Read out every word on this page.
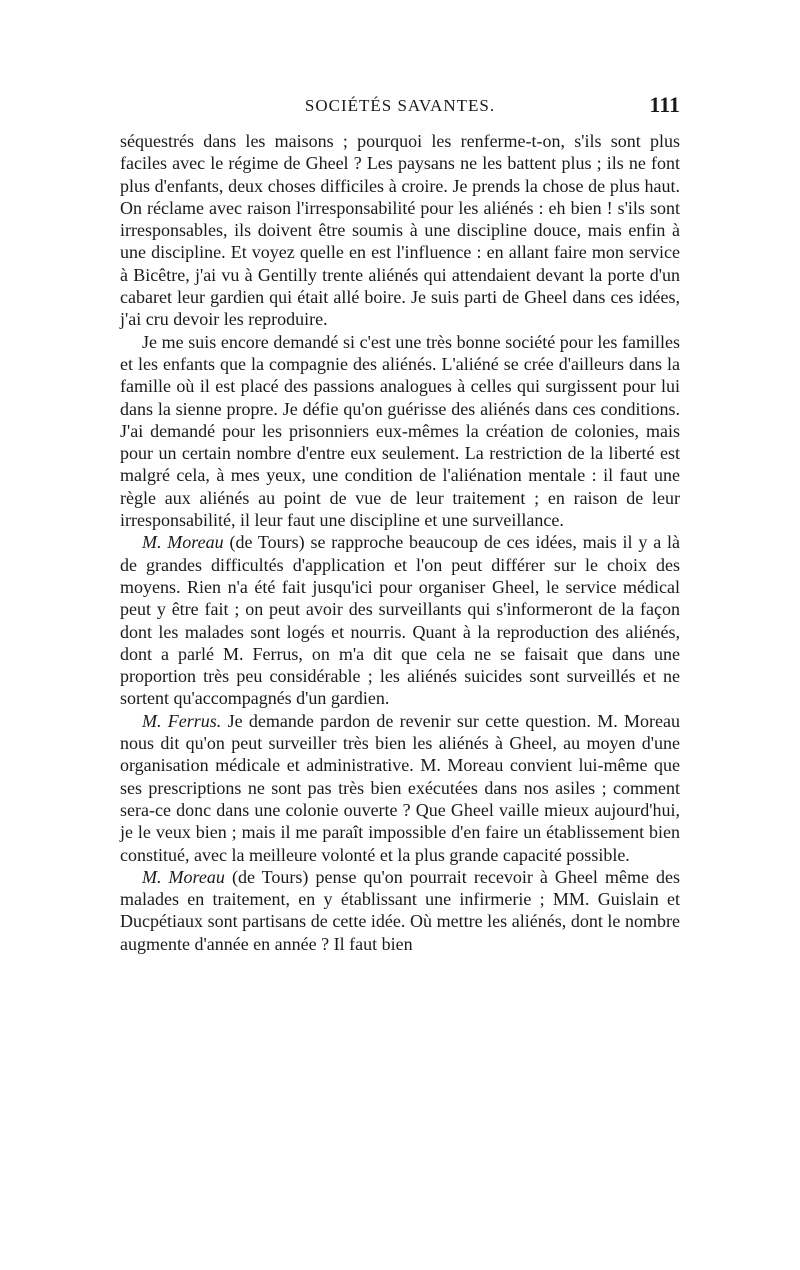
SOCIÉTÉS SAVANTES.	111

séquestrés dans les maisons ; pourquoi les renferme-t-on, s'ils sont plus faciles avec le régime de Gheel ? Les paysans ne les battent plus ; ils ne font plus d'enfants, deux choses difficiles à croire. Je prends la chose de plus haut. On réclame avec raison l'irresponsabilité pour les aliénés : eh bien ! s'ils sont irresponsables, ils doivent être soumis à une discipline douce, mais enfin à une discipline. Et voyez quelle en est l'influence : en allant faire mon service à Bicêtre, j'ai vu à Gentilly trente aliénés qui attendaient devant la porte d'un cabaret leur gardien qui était allé boire. Je suis parti de Gheel dans ces idées, j'ai cru devoir les reproduire.

Je me suis encore demandé si c'est une très bonne société pour les familles et les enfants que la compagnie des aliénés. L'aliéné se crée d'ailleurs dans la famille où il est placé des passions analogues à celles qui surgissent pour lui dans la sienne propre. Je défie qu'on guérisse des aliénés dans ces conditions. J'ai demandé pour les prisonniers eux-mêmes la création de colonies, mais pour un certain nombre d'entre eux seulement. La restriction de la liberté est malgré cela, à mes yeux, une condition de l'aliénation mentale : il faut une règle aux aliénés au point de vue de leur traitement ; en raison de leur irresponsabilité, il leur faut une discipline et une surveillance.

M. Moreau (de Tours) se rapproche beaucoup de ces idées, mais il y a là de grandes difficultés d'application et l'on peut différer sur le choix des moyens. Rien n'a été fait jusqu'ici pour organiser Gheel, le service médical peut y être fait ; on peut avoir des surveillants qui s'informeront de la façon dont les malades sont logés et nourris. Quant à la reproduction des aliénés, dont a parlé M. Ferrus, on m'a dit que cela ne se faisait que dans une proportion très peu considérable ; les aliénés suicides sont surveillés et ne sortent qu'accompagnés d'un gardien.

M. Ferrus. Je demande pardon de revenir sur cette question. M. Moreau nous dit qu'on peut surveiller très bien les aliénés à Gheel, au moyen d'une organisation médicale et administrative. M. Moreau convient lui-même que ses prescriptions ne sont pas très bien exécutées dans nos asiles ; comment sera-ce donc dans une colonie ouverte ? Que Gheel vaille mieux aujourd'hui, je le veux bien ; mais il me paraît impossible d'en faire un établissement bien constitué, avec la meilleure volonté et la plus grande capacité possible.

M. Moreau (de Tours) pense qu'on pourrait recevoir à Gheel même des malades en traitement, en y établissant une infirmerie ; MM. Guislain et Ducpétiaux sont partisans de cette idée. Où mettre les aliénés, dont le nombre augmente d'année en année ? Il faut bien
